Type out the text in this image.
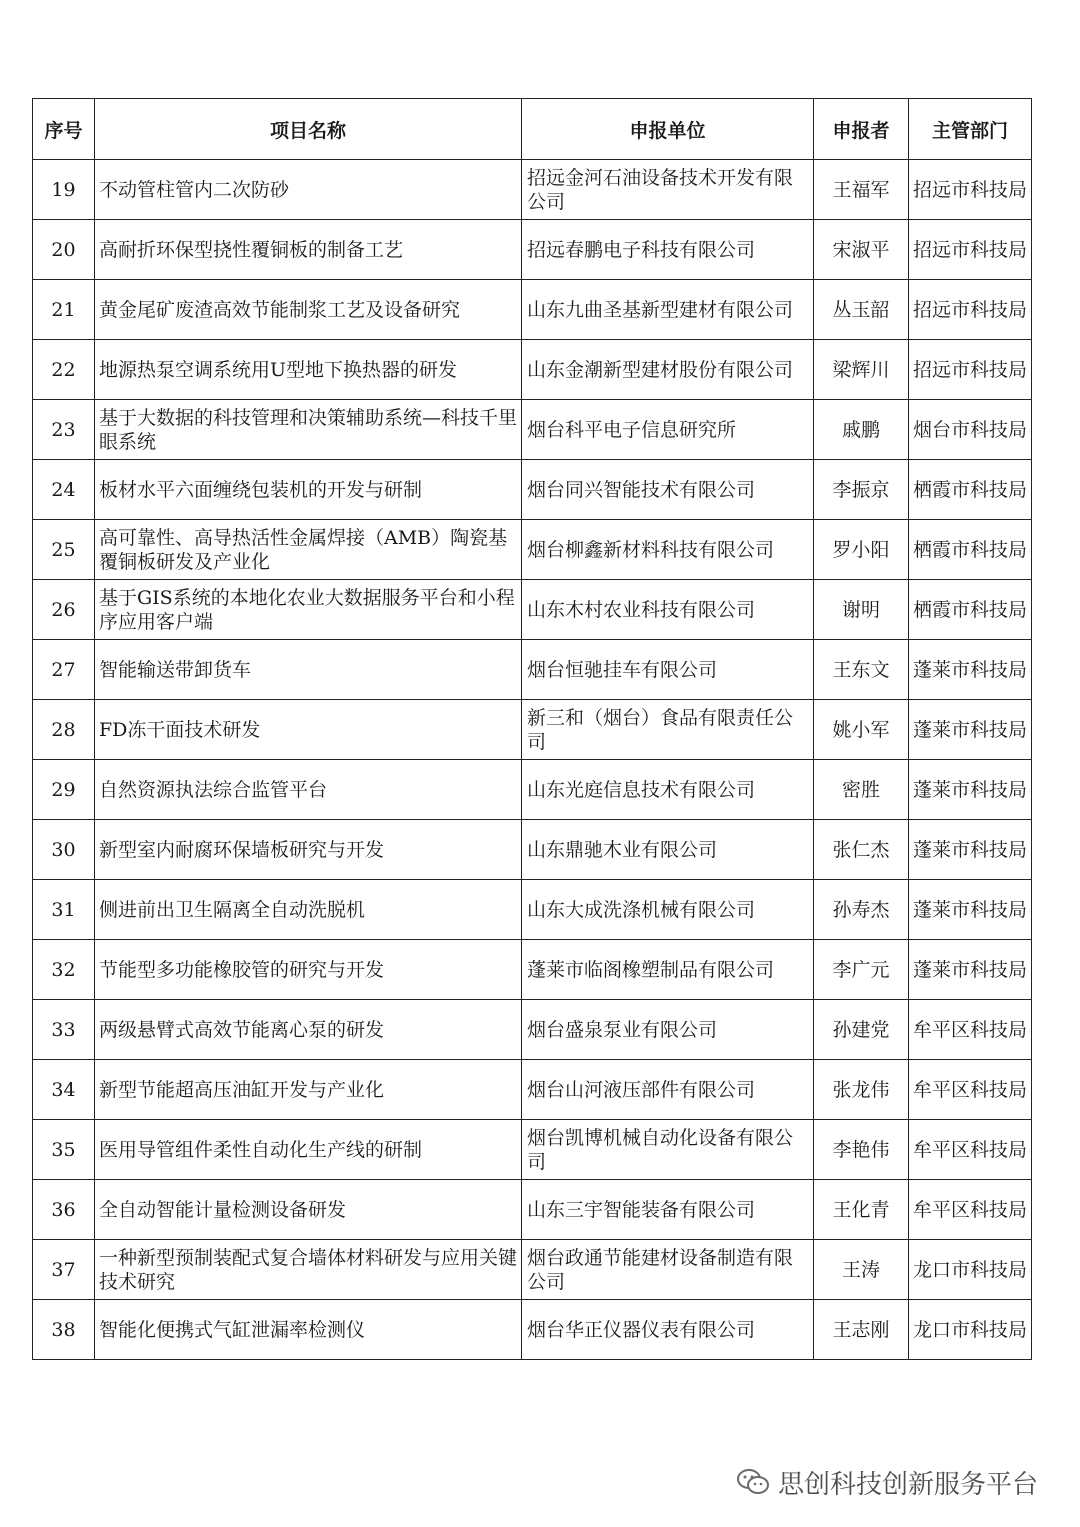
序号	项目名称	申报单位	申报者	主管部门
19	不动管柱管内二次防砂	招远金河石油设备技术开发有限公司	王福军	招远市科技局
20	高耐折环保型挠性覆铜板的制备工艺	招远春鹏电子科技有限公司	宋淑平	招远市科技局
21	黄金尾矿废渣高效节能制浆工艺及设备研究	山东九曲圣基新型建材有限公司	丛玉韶	招远市科技局
22	地源热泵空调系统用U型地下换热器的研发	山东金潮新型建材股份有限公司	梁辉川	招远市科技局
23	基于大数据的科技管理和决策辅助系统—科技千里眼系统	烟台科平电子信息研究所	戚鹏	烟台市科技局
24	板材水平六面缠绕包装机的开发与研制	烟台同兴智能技术有限公司	李振京	栖霞市科技局
25	高可靠性、高导热活性金属焊接（AMB）陶瓷基覆铜板研发及产业化	烟台柳鑫新材料科技有限公司	罗小阳	栖霞市科技局
26	基于GIS系统的本地化农业大数据服务平台和小程序应用客户端	山东木村农业科技有限公司	谢明	栖霞市科技局
27	智能输送带卸货车	烟台恒驰挂车有限公司	王东文	蓬莱市科技局
28	FD冻干面技术研发	新三和（烟台）食品有限责任公司	姚小军	蓬莱市科技局
29	自然资源执法综合监管平台	山东光庭信息技术有限公司	密胜	蓬莱市科技局
30	新型室内耐腐环保墙板研究与开发	山东鼎驰木业有限公司	张仁杰	蓬莱市科技局
31	侧进前出卫生隔离全自动洗脱机	山东大成洗涤机械有限公司	孙寿杰	蓬莱市科技局
32	节能型多功能橡胶管的研究与开发	蓬莱市临阁橡塑制品有限公司	李广元	蓬莱市科技局
33	两级悬臂式高效节能离心泵的研发	烟台盛泉泵业有限公司	孙建党	牟平区科技局
34	新型节能超高压油缸开发与产业化	烟台山河液压部件有限公司	张龙伟	牟平区科技局
35	医用导管组件柔性自动化生产线的研制	烟台凯博机械自动化设备有限公司	李艳伟	牟平区科技局
36	全自动智能计量检测设备研发	山东三宇智能装备有限公司	王化青	牟平区科技局
37	一种新型预制装配式复合墙体材料研发与应用关键技术研究	烟台政通节能建材设备制造有限公司	王涛	龙口市科技局
38	智能化便携式气缸泄漏率检测仪	烟台华正仪器仪表有限公司	王志刚	龙口市科技局
思创科技创新服务平台
